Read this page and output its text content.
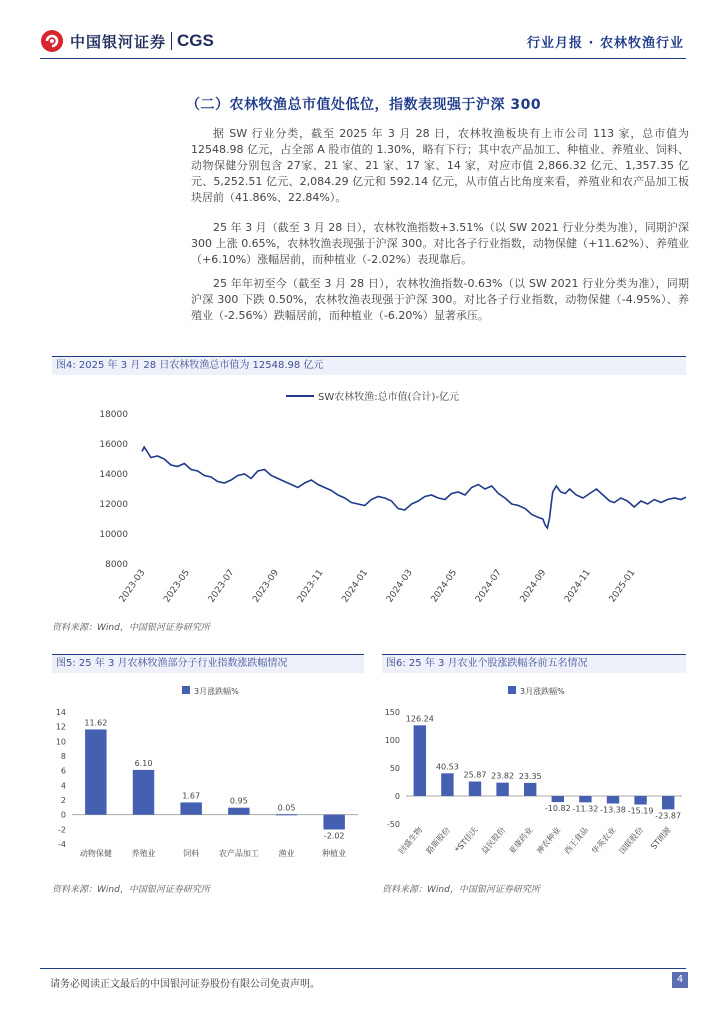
中国银河证券 CGS	行业月报 · 农林牧渔行业
（二）农林牧渔总市值处低位，指数表现强于沪深 300

据 SW 行业分类，截至 2025 年 3 月 28 日，农林牧渔板块有上市公司 113 家，总市值为 12548.98 亿元，占全部 A 股市值的 1.30%，略有下行；其中农产品加工、种植业、养殖业、饲料、动物保健分别包含 27家、21 家、21 家、17 家、14 家，对应市值 2,866.32 亿元、1,357.35 亿元、5,252.51 亿元、2,084.29 亿元和 592.14 亿元，从市值占比角度来看，养殖业和农产品加工板块居前（41.86%、22.84%）。

25 年 3 月（截至 3 月 28 日），农林牧渔指数+3.51%（以 SW 2021 行业分类为准），同期沪深 300 上涨 0.65%，农林牧渔表现强于沪深 300。对比各子行业指数，动物保健（+11.62%）、养殖业（+6.10%）涨幅居前，而种植业（-2.02%）表现靠后。

25 年年初至今（截至 3 月 28 日），农林牧渔指数-0.63%（以 SW 2021 行业分类为准），同期沪深 300 下跌 0.50%，农林牧渔表现强于沪深 300。对比各子行业指数，动物保健（-4.95%）、养殖业（-2.56%）跌幅居前，而种植业（-6.20%）显著承压。

图4: 2025 年 3 月 28 日农林牧渔总市值为 12548.98 亿元
SW农林牧渔:总市值(合计)-亿元
18000
16000
14000
12000
10000
8000
2023-03 2023-05 2023-07 2023-09 2023-11 2024-01 2024-03 2024-05 2024-07 2024-09 2024-11 2025-01
资料来源：Wind，中国银河证券研究所
图5: 25 年 3 月农林牧渔部分子行业指数涨跌幅情况
3月涨跌幅%
14
12
10
8
6
4
2
0
-2
-4
11.62
动物保健
6.10
养殖业
1.67
饲料
0.95
农产品加工
0.05
渔业
-2.02
种植业
资料来源：Wind，中国银河证券研究所
图6: 25 年 3 月农业个股涨跌幅各前五名情况
3月涨跌幅%
150
100
50
0
-50
126.24
回盛生物
40.53
路斯股份
25.87
*ST佳沃
23.82
益民股份
23.35
亚康药业
-10.82
神农种业
-11.32
西王食品
-13.38
华英农业
-15.19
国联股份
-23.87
ST朗源
资料来源：Wind，中国银河证券研究所
请务必阅读正文最后的中国银河证券股份有限公司免责声明。	4
